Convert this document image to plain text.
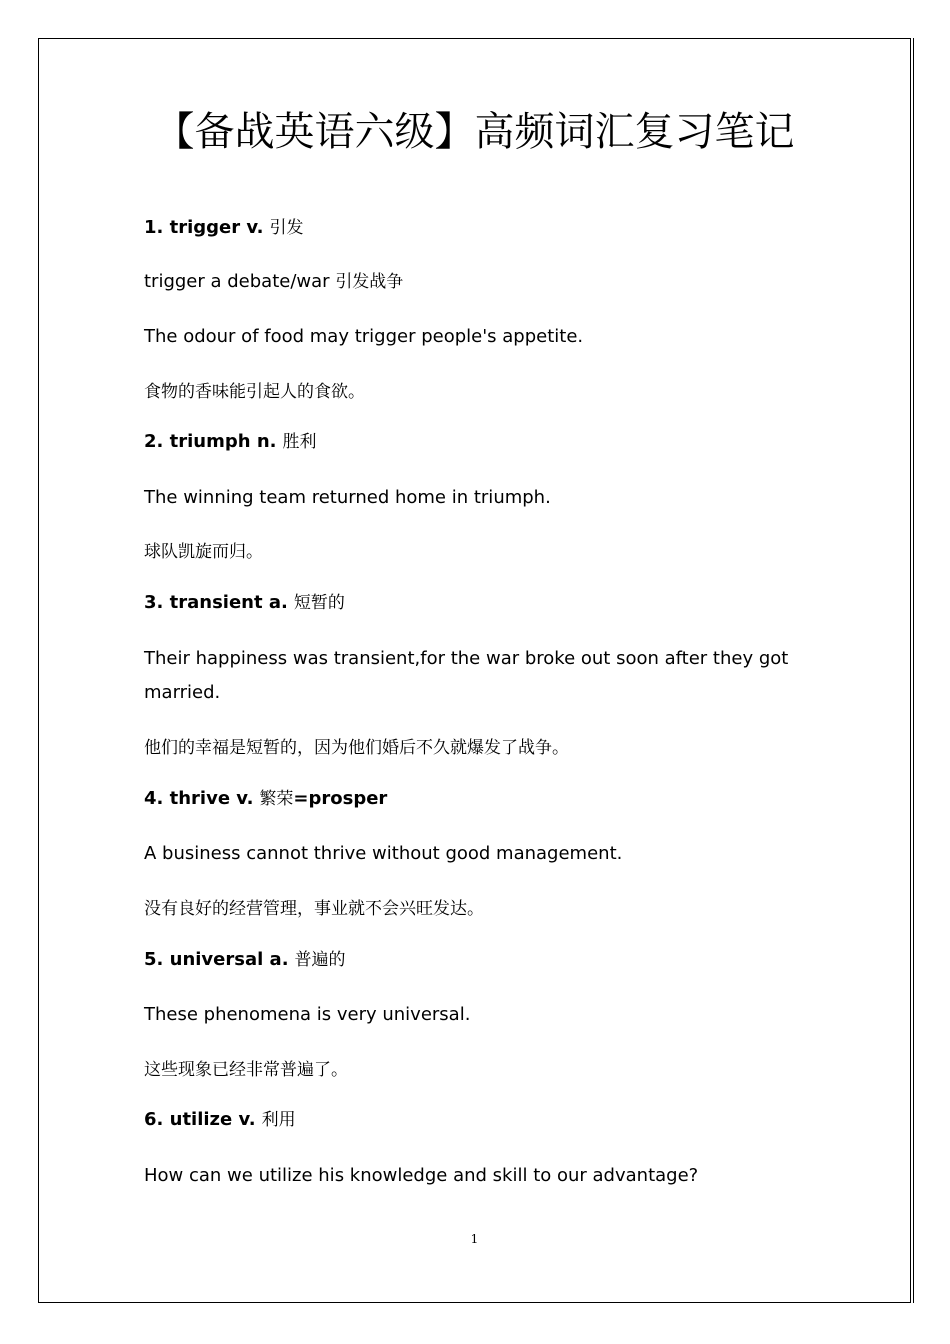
【备战英语六级】高频词汇复习笔记
1. trigger v. 引发
trigger a debate/war 引发战争
The odour of food may trigger people's appetite.
食物的香味能引起人的食欲。
2. triumph n. 胜利
The winning team returned home in triumph.
球队凯旋而归。
3. transient a. 短暂的
Their happiness was transient,for the war broke out soon after they got
married.
他们的幸福是短暂的，因为他们婚后不久就爆发了战争。
4. thrive v. 繁荣=prosper
A business cannot thrive without good management.
没有良好的经营管理，事业就不会兴旺发达。
5. universal a. 普遍的
These phenomena is very universal.
这些现象已经非常普遍了。
6. utilize v. 利用
How can we utilize his knowledge and skill to our advantage?
1
